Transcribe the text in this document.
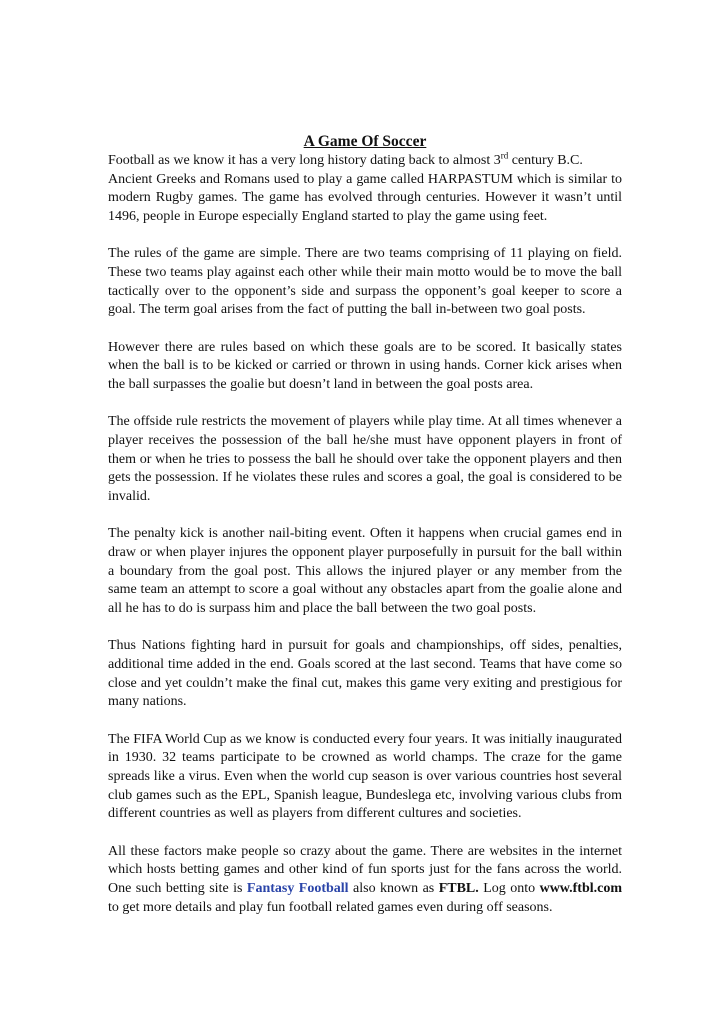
A Game Of Soccer

Football as we know it has a very long history dating back to almost 3rd century B.C.
Ancient Greeks and Romans used to play a game called HARPASTUM which is similar to modern Rugby games. The game has evolved through centuries. However it wasn’t until 1496, people in Europe especially England started to play the game using feet.

The rules of the game are simple. There are two teams comprising of 11 playing on field. These two teams play against each other while their main motto would be to move the ball tactically over to the opponent’s side and surpass the opponent’s goal keeper to score a goal. The term goal arises from the fact of putting the ball in-between two goal posts.

However there are rules based on which these goals are to be scored. It basically states when the ball is to be kicked or carried or thrown in using hands. Corner kick arises when the ball surpasses the goalie but doesn’t land in between the goal posts area.

The offside rule restricts the movement of players while play time. At all times whenever a player receives the possession of the ball he/she must have opponent players in front of them or when he tries to possess the ball he should over take the opponent players and then gets the possession. If he violates these rules and scores a goal, the goal is considered to be invalid.

The penalty kick is another nail-biting event. Often it happens when crucial games end in draw or when player injures the opponent player purposefully in pursuit for the ball within a boundary from the goal post. This allows the injured player or any member from the same team an attempt to score a goal without any obstacles apart from the goalie alone and all he has to do is surpass him and place the ball between the two goal posts.

Thus Nations fighting hard in pursuit for goals and championships, off sides, penalties, additional time added in the end. Goals scored at the last second. Teams that have come so close and yet couldn’t make the final cut, makes this game very exiting and prestigious for many nations.

The FIFA World Cup as we know is conducted every four years. It was initially inaugurated in 1930. 32 teams participate to be crowned as world champs. The craze for the game spreads like a virus. Even when the world cup season is over various countries host several club games such as the EPL, Spanish league, Bundeslega etc, involving various clubs from different countries as well as players from different cultures and societies.

All these factors make people so crazy about the game. There are websites in the internet which hosts betting games and other kind of fun sports just for the fans across the world. One such betting site is Fantasy Football also known as FTBL. Log onto www.ftbl.com to get more details and play fun football related games even during off seasons.
